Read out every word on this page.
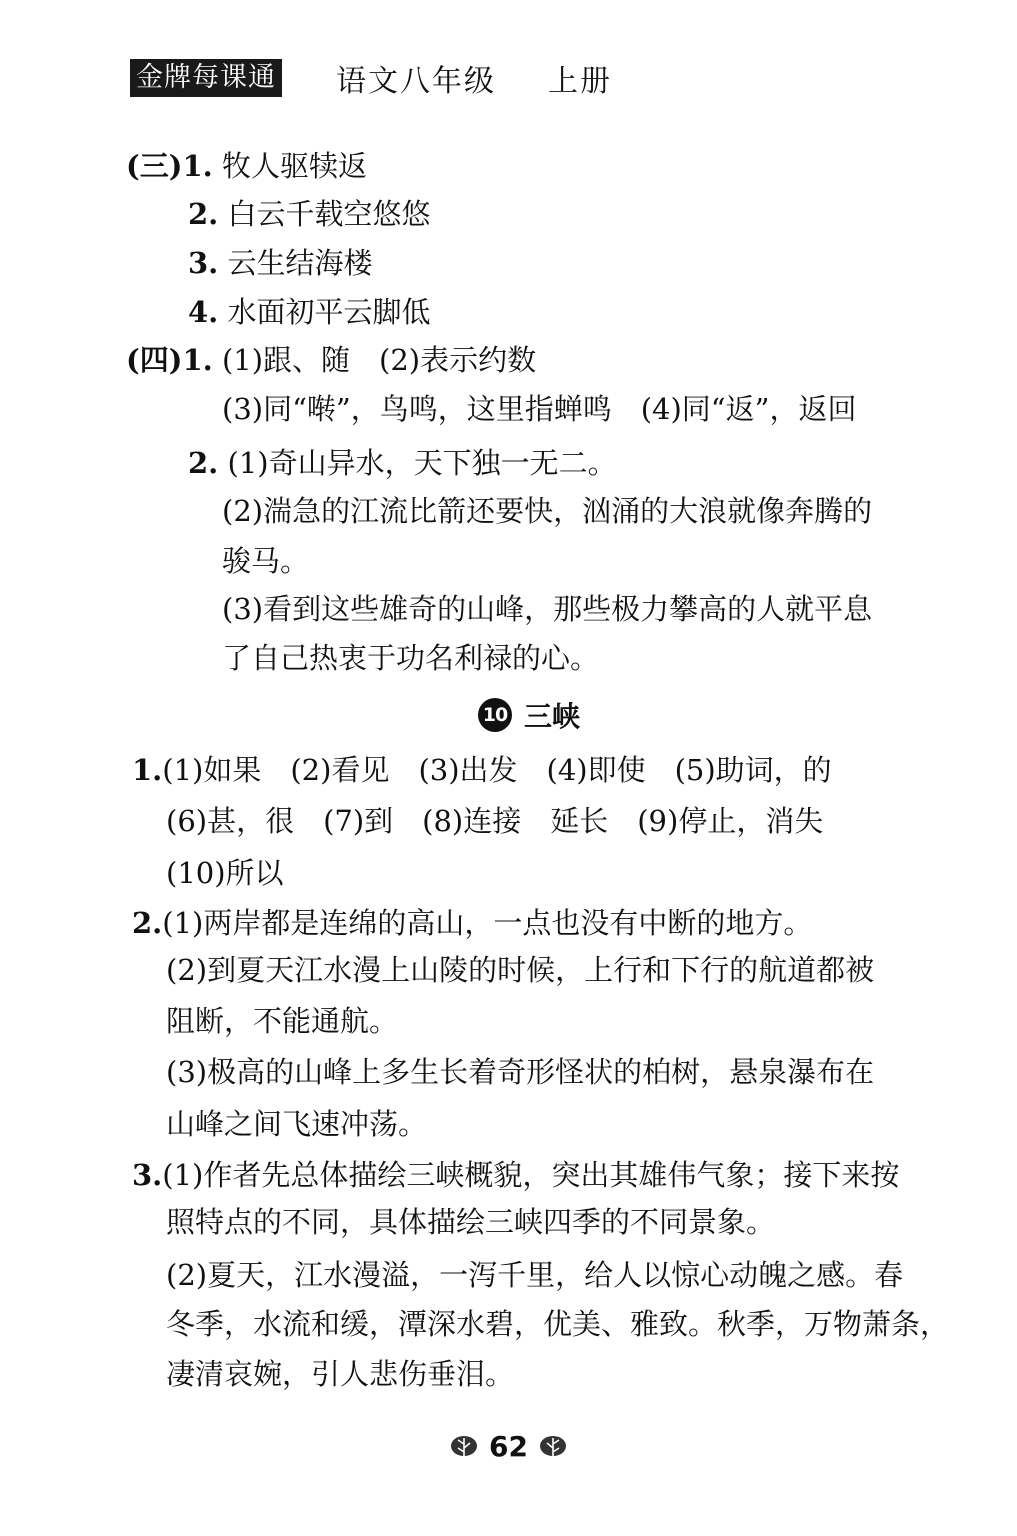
金牌每课通 语文八年级 上册
(三)1. 牧人驱犊返
2. 白云千载空悠悠
3. 云生结海楼
4. 水面初平云脚低
(四)1. (1)跟、随　(2)表示约数
(3)同“啭”，鸟鸣，这里指蝉鸣　(4)同“返”，返回
2. (1)奇山异水，天下独一无二。
(2)湍急的江流比箭还要快，汹涌的大浪就像奔腾的
骏马。
(3)看到这些雄奇的山峰，那些极力攀高的人就平息
了自己热衷于功名利禄的心。
10 三峡
1.(1)如果　(2)看见　(3)出发　(4)即使　(5)助词，的
(6)甚，很　(7)到　(8)连接　延长　(9)停止，消失
(10)所以
2.(1)两岸都是连绵的高山，一点也没有中断的地方。
(2)到夏天江水漫上山陵的时候，上行和下行的航道都被
阻断，不能通航。
(3)极高的山峰上多生长着奇形怪状的柏树，悬泉瀑布在
山峰之间飞速冲荡。
3.(1)作者先总体描绘三峡概貌，突出其雄伟气象；接下来按
照特点的不同，具体描绘三峡四季的不同景象。
(2)夏天，江水漫溢，一泻千里，给人以惊心动魄之感。春
冬季，水流和缓，潭深水碧，优美、雅致。秋季，万物萧条，
凄清哀婉，引人悲伤垂泪。
62
